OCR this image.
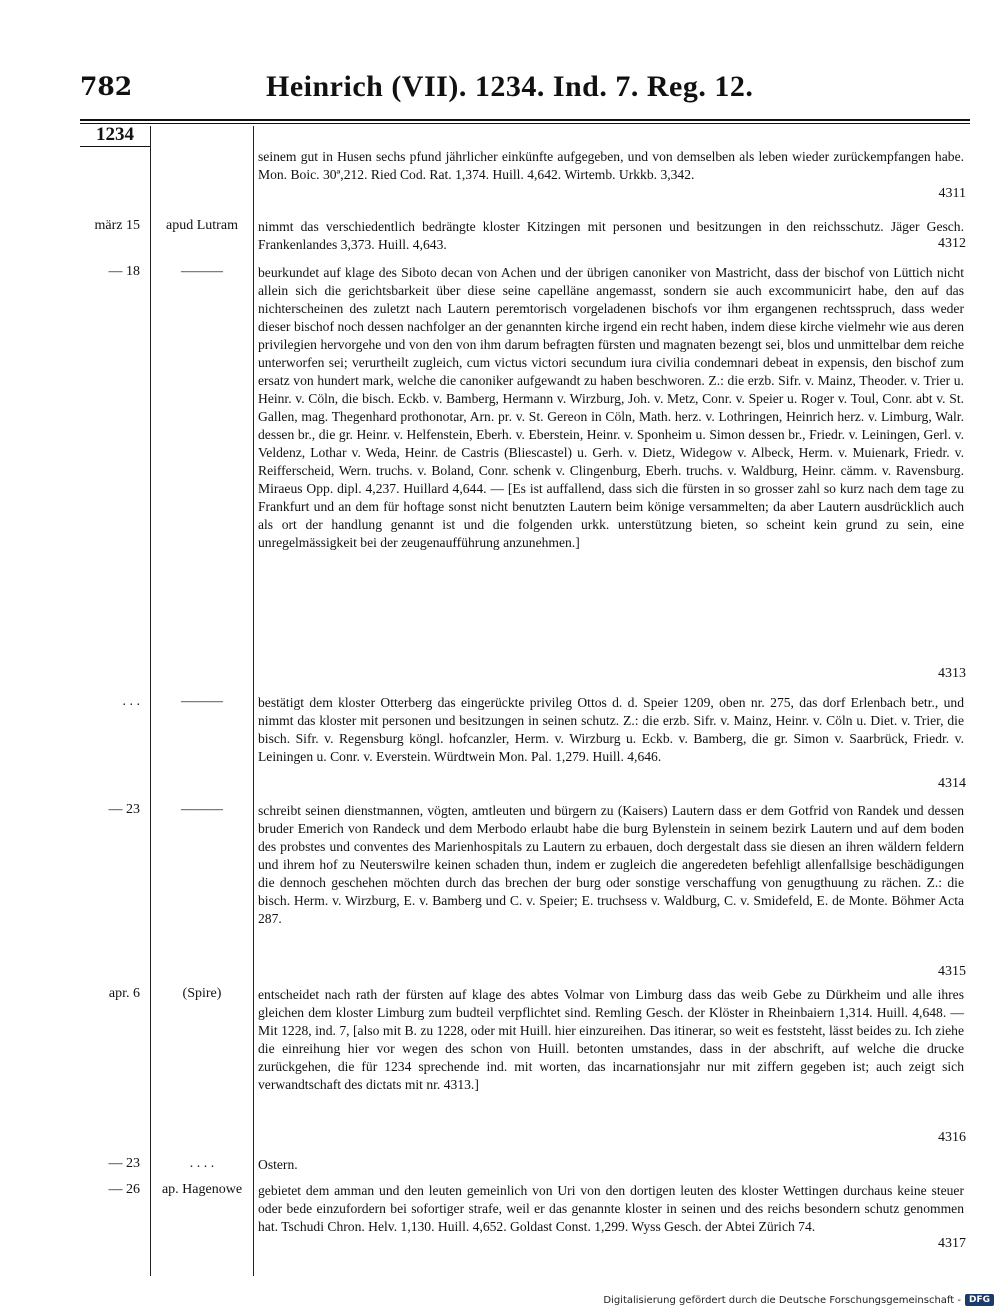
782	Heinrich (VII). 1234. Ind. 7. Reg. 12.
1234

seinem gut in Husen sechs pfund jährlicher einkünfte aufgegeben, und von demselben als leben wieder zurückempfangen habe. Mon. Boic. 30ª,212. Ried Cod. Rat. 1,374. Huill. 4,642. Wirtemb. Urkkb. 3,342.

4311
märz 15	apud Lutram	nimmt das verschiedentlich bedrängte kloster Kitzingen mit personen und besitzungen in den reichsschutz. Jäger Gesch. Frankenlandes 3,373. Huill. 4,643.	4312
— 18	———	beurkundet auf klage des Siboto decan von Achen und der übrigen canoniker von Mastricht, dass der bischof von Lüttich nicht allein sich die gerichtsbarkeit über diese seine capelläne angemasst, sondern sie auch excommunicirt habe, den auf das nichterscheinen des zuletzt nach Lautern peremtorisch vorgeladenen bischofs vor ihm ergangenen rechtsspruch, dass weder dieser bischof noch dessen nachfolger an der genannten kirche irgend ein recht haben, indem diese kirche vielmehr wie aus deren privilegien hervorgehe und von den von ihm darum befragten fürsten und magnaten bezengt sei, blos und unmittelbar dem reiche unterworfen sei; verurtheilt zugleich, cum victus victori secundum iura civilia condemnari debeat in expensis, den bischof zum ersatz von hundert mark, welche die canoniker aufgewandt zu haben beschworen. Z.: die erzb. Sifr. v. Mainz, Theoder. v. Trier u. Heinr. v. Cöln, die bisch. Eckb. v. Bamberg, Hermann v. Wirzburg, Joh. v. Metz, Conr. v. Speier u. Roger v. Toul, Conr. abt v. St. Gallen, mag. Thegenhard prothonotar, Arn. pr. v. St. Gereon in Cöln, Math. herz. v. Lothringen, Heinrich herz. v. Limburg, Walr. dessen br., die gr. Heinr. v. Helfenstein, Eberh. v. Eberstein, Heinr. v. Sponheim u. Simon dessen br., Friedr. v. Leiningen, Gerl. v. Veldenz, Lothar v. Weda, Heinr. de Castris (Bliescastel) u. Gerh. v. Dietz, Widegow v. Albeck, Herm. v. Muienark, Friedr. v. Reifferscheid, Wern. truchs. v. Boland, Conr. schenk v. Clingenburg, Eberh. truchs. v. Waldburg, Heinr. cämm. v. Ravensburg. Miraeus Opp. dipl. 4,237. Huillard 4,644. — [Es ist auffallend, dass sich die fürsten in so grosser zahl so kurz nach dem tage zu Frankfurt und an dem für hoftage sonst nicht benutzten Lautern beim könige versammelten; da aber Lautern ausdrücklich auch als ort der handlung genannt ist und die folgenden urkk. unterstützung bieten, so scheint kein grund zu sein, eine unregelmässigkeit bei der zeugenaufführung anzunehmen.]

4313
. . .	———	bestätigt dem kloster Otterberg das eingerückte privileg Ottos d. d. Speier 1209, oben nr. 275, das dorf Erlenbach betr., und nimmt das kloster mit personen und besitzungen in seinen schutz. Z.: die erzb. Sifr. v. Mainz, Heinr. v. Cöln u. Diet. v. Trier, die bisch. Sifr. v. Regensburg köngl. hofcanzler, Herm. v. Wirzburg u. Eckb. v. Bamberg, die gr. Simon v. Saarbrück, Friedr. v. Leiningen u. Conr. v. Everstein. Würdtwein Mon. Pal. 1,279. Huill. 4,646.

4314
— 23	———	schreibt seinen dienstmannen, vögten, amtleuten und bürgern zu (Kaisers) Lautern dass er dem Gotfrid von Randek und dessen bruder Emerich von Randeck und dem Merbodo erlaubt habe die burg Bylenstein in seinem bezirk Lautern und auf dem boden des probstes und conventes des Marienhospitals zu Lautern zu erbauen, doch dergestalt dass sie diesen an ihren wäldern feldern und ihrem hof zu Neuterswilre keinen schaden thun, indem er zugleich die angeredeten befehligt allenfallsige beschädigungen die dennoch geschehen möchten durch das brechen der burg oder sonstige verschaffung von genugthuung zu rächen. Z.: die bisch. Herm. v. Wirzburg, E. v. Bamberg und C. v. Speier; E. truchsess v. Waldburg, C. v. Smidefeld, E. de Monte. Böhmer Acta 287.

4315
apr. 6	(Spire)	entscheidet nach rath der fürsten auf klage des abtes Volmar von Limburg dass das weib Gebe zu Dürkheim und alle ihres gleichen dem kloster Limburg zum budteil verpflichtet sind. Remling Gesch. der Klöster in Rheinbaiern 1,314. Huill. 4,648. — Mit 1228, ind. 7, [also mit B. zu 1228, oder mit Huill. hier einzureihen. Das itinerar, so weit es feststeht, lässt beides zu. Ich ziehe die einreihung hier vor wegen des schon von Huill. betonten umstandes, dass in der abschrift, auf welche die drucke zurückgehen, die für 1234 sprechende ind. mit worten, das incarnationsjahr nur mit ziffern gegeben ist; auch zeigt sich verwandtschaft des dictats mit nr. 4313.]

4316
— 23	. . . .	Ostern.

— 26	ap. Hagenowe	gebietet dem amman und den leuten gemeinlich von Uri von den dortigen leuten des kloster Wettingen durchaus keine steuer oder bede einzufordern bei sofortiger strafe, weil er das genannte kloster in seinen und des reichs besondern schutz genommen hat. Tschudi Chron. Helv. 1,130. Huill. 4,652. Goldast Const. 1,299. Wyss Gesch. der Abtei Zürich 74.

4317
Digitalisierung gefördert durch die Deutsche Forschungsgemeinschaft - DFG
